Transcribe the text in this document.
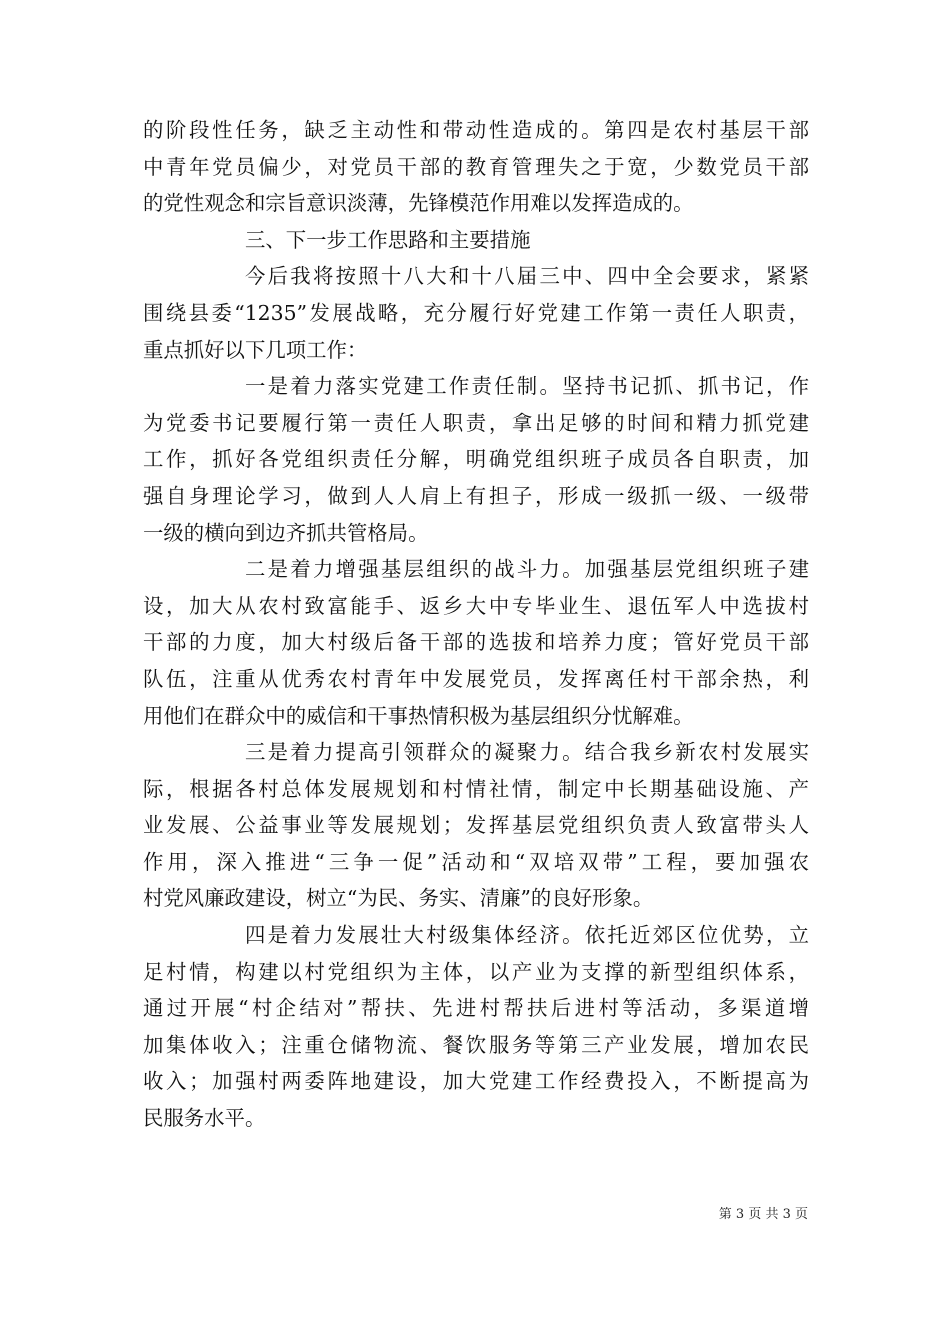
的阶段性任务，缺乏主动性和带动性造成的。第四是农村基层干部
中青年党员偏少，对党员干部的教育管理失之于宽，少数党员干部
的党性观念和宗旨意识淡薄，先锋模范作用难以发挥造成的。
三、下一步工作思路和主要措施
今后我将按照十八大和十八届三中、四中全会要求，紧紧
围绕县委“1235”发展战略，充分履行好党建工作第一责任人职责，
重点抓好以下几项工作：
一是着力落实党建工作责任制。坚持书记抓、抓书记，作
为党委书记要履行第一责任人职责，拿出足够的时间和精力抓党建
工作，抓好各党组织责任分解，明确党组织班子成员各自职责，加
强自身理论学习，做到人人肩上有担子，形成一级抓一级、一级带
一级的横向到边齐抓共管格局。
二是着力增强基层组织的战斗力。加强基层党组织班子建
设，加大从农村致富能手、返乡大中专毕业生、退伍军人中选拔村
干部的力度，加大村级后备干部的选拔和培养力度；管好党员干部
队伍，注重从优秀农村青年中发展党员，发挥离任村干部余热，利
用他们在群众中的威信和干事热情积极为基层组织分忧解难。
三是着力提高引领群众的凝聚力。结合我乡新农村发展实
际，根据各村总体发展规划和村情社情，制定中长期基础设施、产
业发展、公益事业等发展规划；发挥基层党组织负责人致富带头人
作用，深入推进“三争一促”活动和“双培双带”工程，要加强农
村党风廉政建设，树立“为民、务实、清廉”的良好形象。
四是着力发展壮大村级集体经济。依托近郊区位优势，立
足村情，构建以村党组织为主体，以产业为支撑的新型组织体系，
通过开展“村企结对”帮扶、先进村帮扶后进村等活动，多渠道增
加集体收入；注重仓储物流、餐饮服务等第三产业发展，增加农民
收入；加强村两委阵地建设，加大党建工作经费投入，不断提高为
民服务水平。
第 3 页 共 3 页
